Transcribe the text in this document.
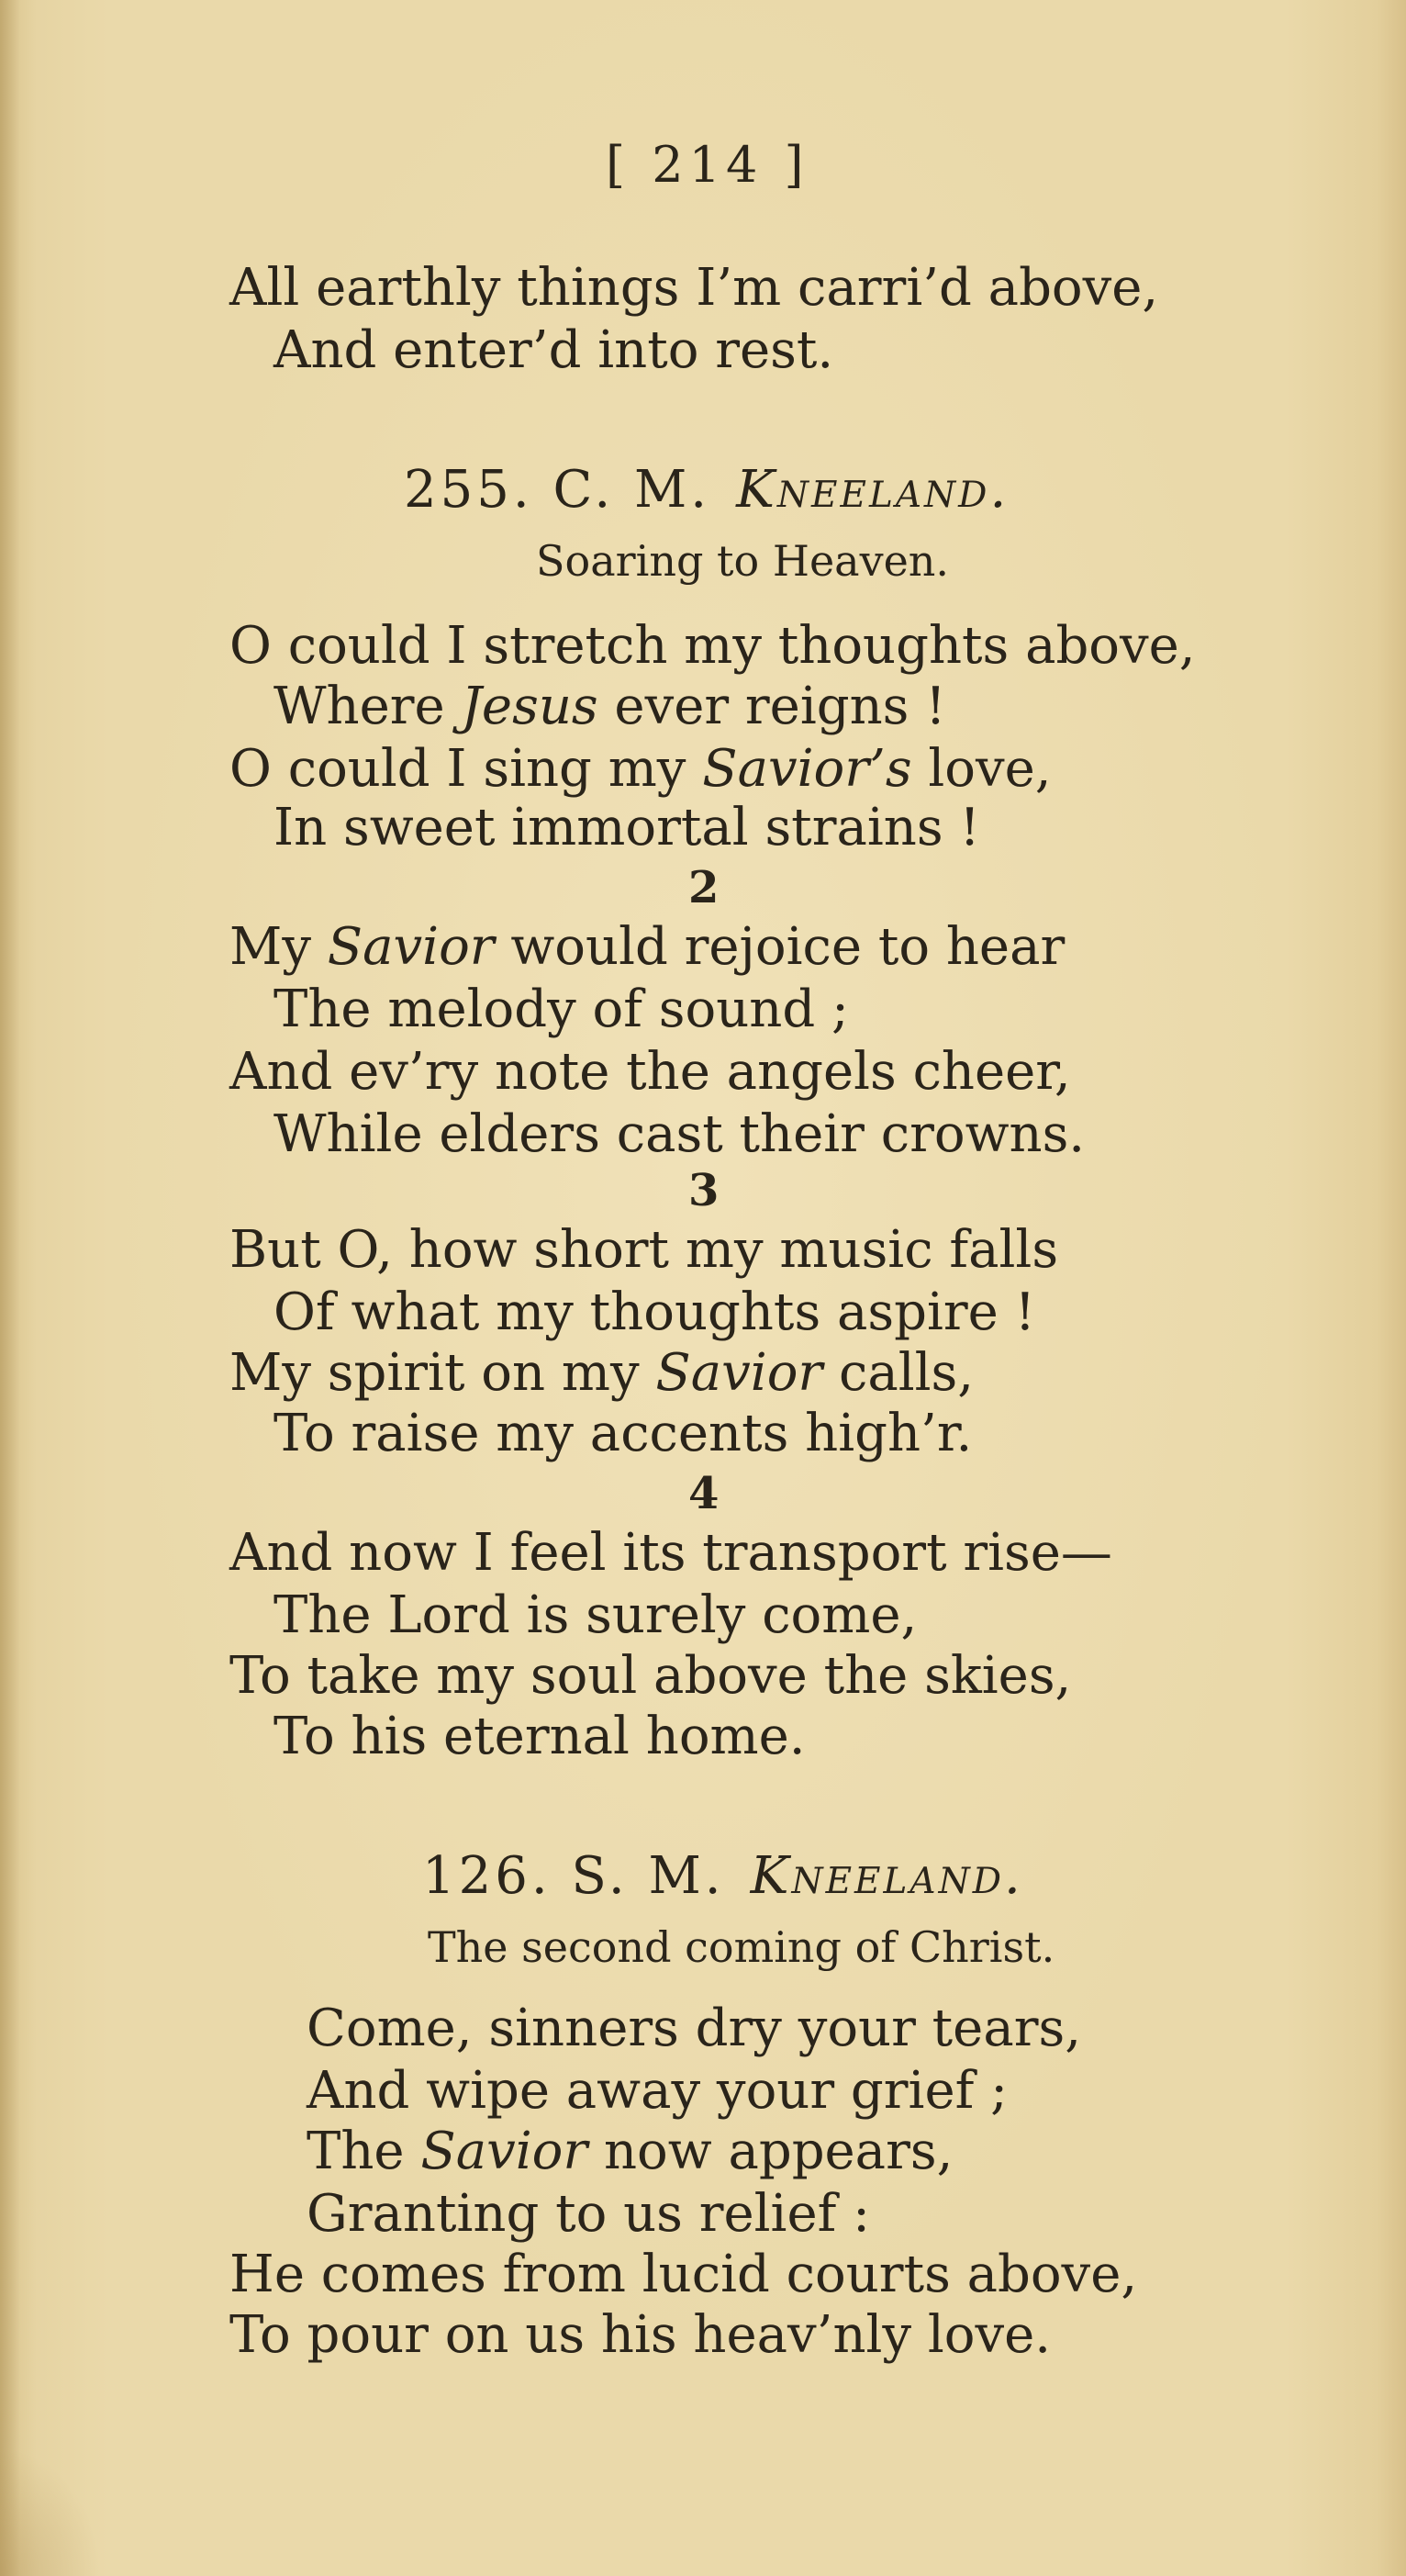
[ 214 ]
All earthly things I’m carri’d above,
And enter’d into rest.
255. C. M. Kneeland.
Soaring to Heaven.
O could I stretch my thoughts above,
Where Jesus ever reigns !
O could I sing my Savior’s love,
In sweet immortal strains !
2
My Savior would rejoice to hear
The melody of sound ;
And ev’ry note the angels cheer,
While elders cast their crowns.
3
But O, how short my music falls
Of what my thoughts aspire !
My spirit on my Savior calls,
To raise my accents high’r.
4
And now I feel its transport rise—
The Lord is surely come,
To take my soul above the skies,
To his eternal home.
126. S. M. Kneeland.
The second coming of Christ.
Come, sinners dry your tears,
And wipe away your grief ;
The Savior now appears,
Granting to us relief :
He comes from lucid courts above,
To pour on us his heav’nly love.
